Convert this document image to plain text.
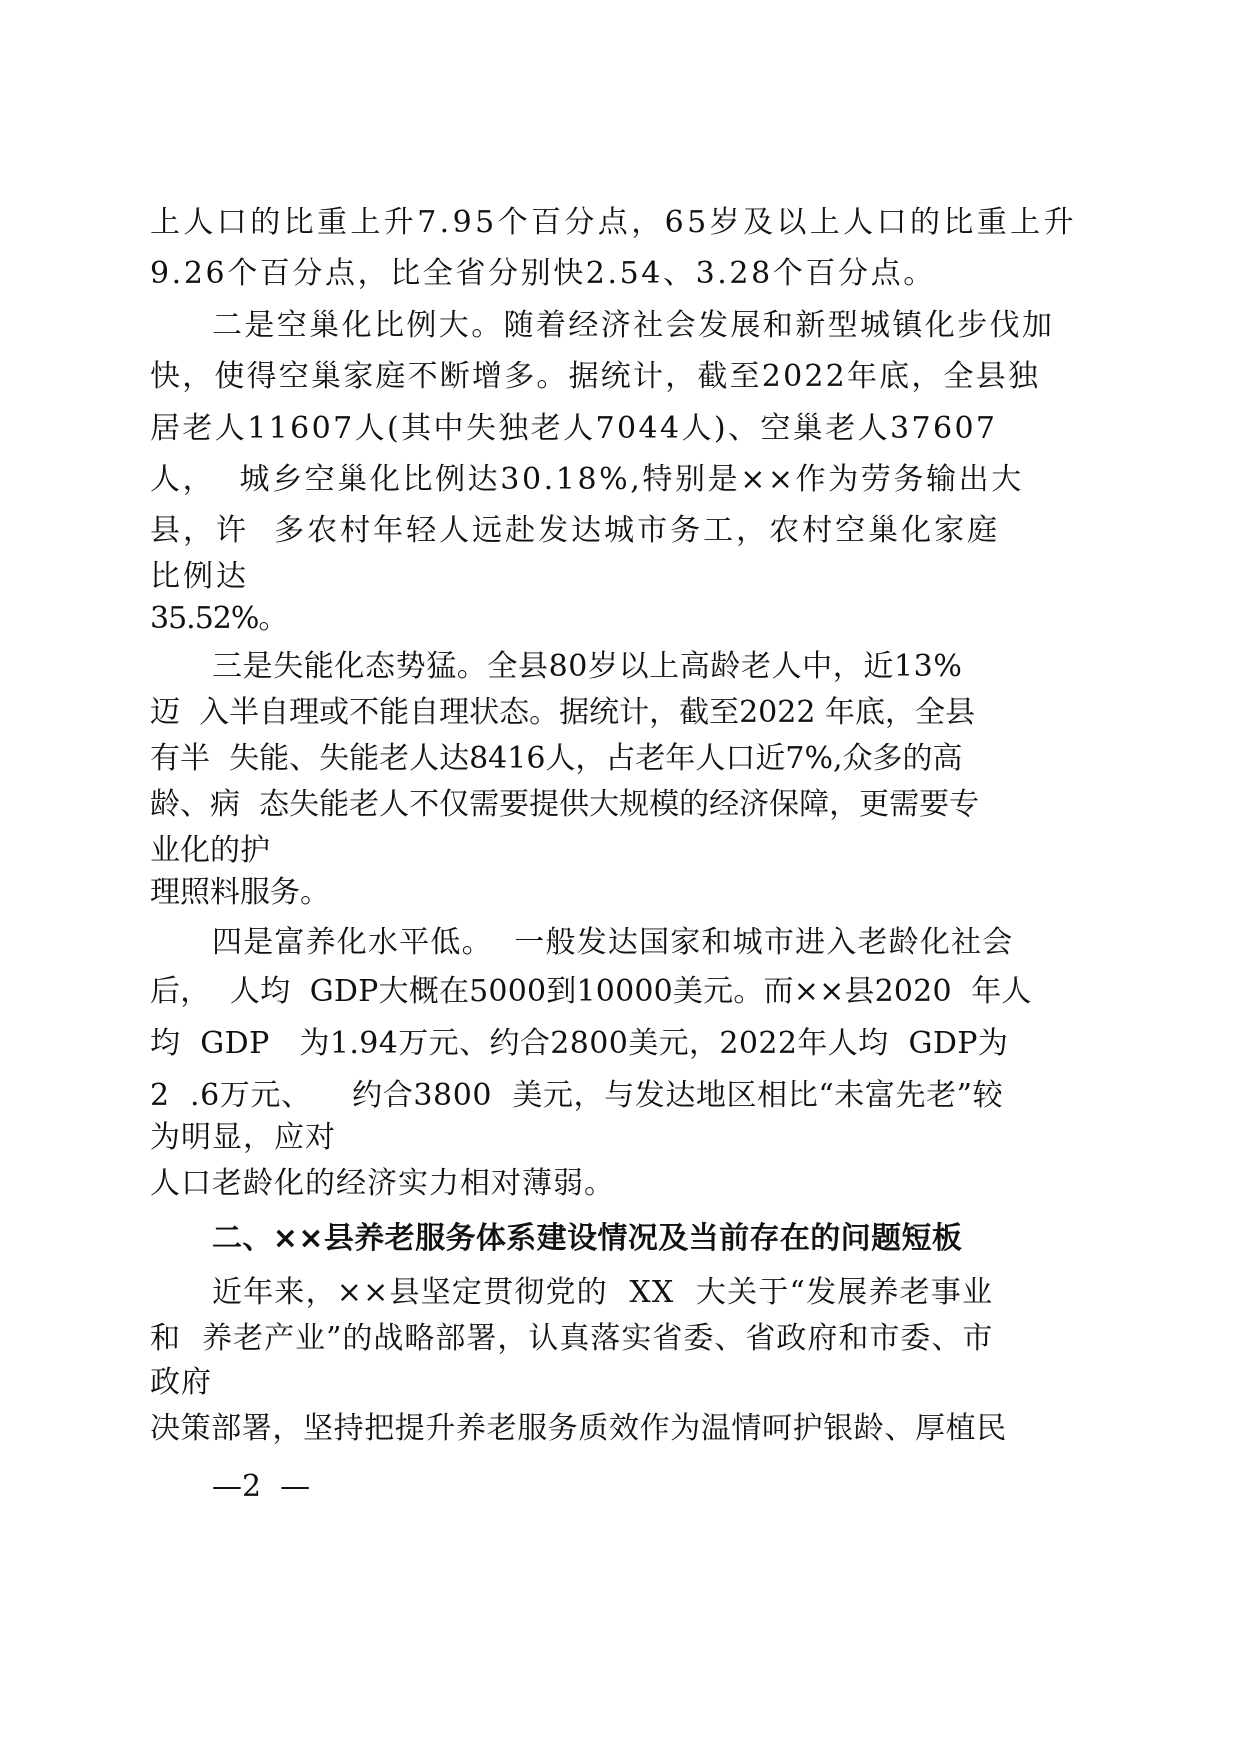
上人口的比重上升7.95个百分点，65岁及以上人口的比重上升
9.26个百分点，比全省分别快2.54、3.28个百分点。
二是空巢化比例大。随着经济社会发展和新型城镇化步伐加
快，使得空巢家庭不断增多。据统计，截至2022年底，全县独
居老人11607人(其中失独老人7044人)、空巢老人37607
人，  城乡空巢化比例达30.18%,特别是××作为劳务输出大
县，许  多农村年轻人远赴发达城市务工，农村空巢化家庭
比例达
35.52%。
三是失能化态势猛。全县80岁以上高龄老人中，近13%
迈  入半自理或不能自理状态。据统计，截至2022 年底，全县
有半  失能、失能老人达8416人，占老年人口近7%,众多的高
龄、病  态失能老人不仅需要提供大规模的经济保障，更需要专
业化的护
理照料服务。
四是富养化水平低。  一般发达国家和城市进入老龄化社会
后，  人均  GDP大概在5000到10000美元。而××县2020  年人
均  GDP   为1.94万元、约合2800美元，2022年人均  GDP为
2  .6万元、    约合3800  美元，与发达地区相比“未富先老”较
为明显，应对
人口老龄化的经济实力相对薄弱。
二、××县养老服务体系建设情况及当前存在的问题短板
近年来，××县坚定贯彻党的  XX  大关于“发展养老事业
和  养老产业”的战略部署，认真落实省委、省政府和市委、市
政府
决策部署，坚持把提升养老服务质效作为温情呵护银龄、厚植民
—2  —
